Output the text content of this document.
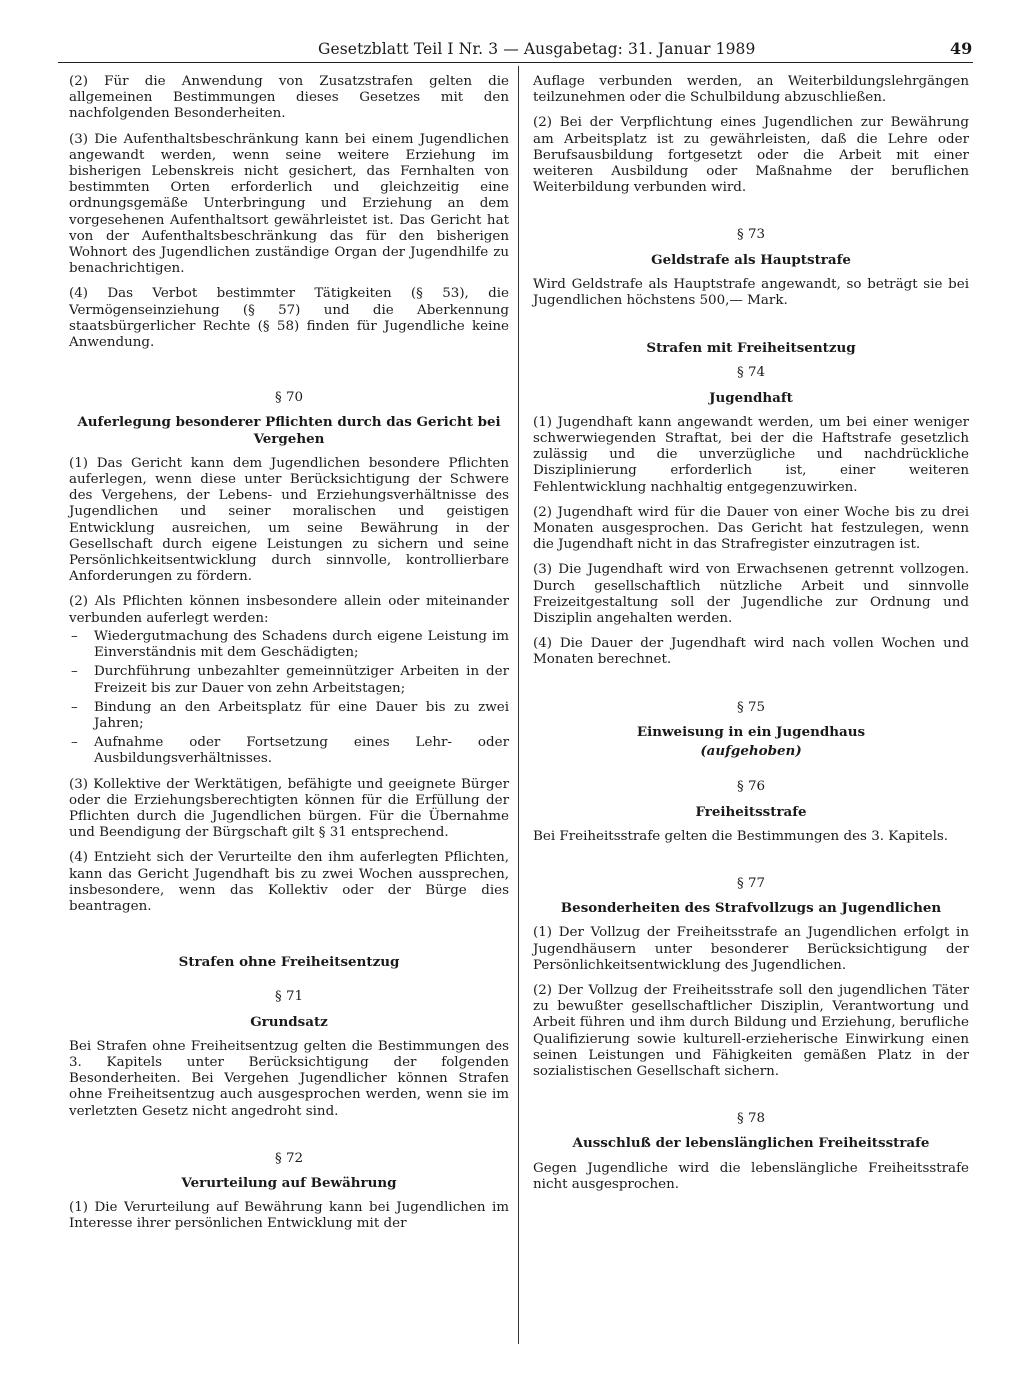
Gesetzblatt Teil I Nr. 3 — Ausgabetag: 31. Januar 1989	49

(2) Für die Anwendung von Zusatzstrafen gelten die allgemeinen Bestimmungen dieses Gesetzes mit den nachfolgenden Besonderheiten.

(3) Die Aufenthaltsbeschränkung kann bei einem Jugendlichen angewandt werden, wenn seine weitere Erziehung im bisherigen Lebenskreis nicht gesichert, das Fernhalten von bestimmten Orten erforderlich und gleichzeitig eine ordnungsgemäße Unterbringung und Erziehung an dem vorgesehenen Aufenthaltsort gewährleistet ist. Das Gericht hat von der Aufenthaltsbeschränkung das für den bisherigen Wohnort des Jugendlichen zuständige Organ der Jugendhilfe zu benachrichtigen.

(4) Das Verbot bestimmter Tätigkeiten (§ 53), die Vermögenseinziehung (§ 57) und die Aberkennung staatsbürgerlicher Rechte (§ 58) finden für Jugendliche keine Anwendung.

§ 70
Auferlegung besonderer Pflichten durch das Gericht bei Vergehen

(1) Das Gericht kann dem Jugendlichen besondere Pflichten auferlegen, wenn diese unter Berücksichtigung der Schwere des Vergehens, der Lebens- und Erziehungsverhältnisse des Jugendlichen und seiner moralischen und geistigen Entwicklung ausreichen, um seine Bewährung in der Gesellschaft durch eigene Leistungen zu sichern und seine Persönlichkeitsentwicklung durch sinnvolle, kontrollierbare Anforderungen zu fördern.

(2) Als Pflichten können insbesondere allein oder miteinander verbunden auferlegt werden:

– Wiedergutmachung des Schadens durch eigene Leistung im Einverständnis mit dem Geschädigten;
– Durchführung unbezahlter gemeinnütziger Arbeiten in der Freizeit bis zur Dauer von zehn Arbeitstagen;
– Bindung an den Arbeitsplatz für eine Dauer bis zu zwei Jahren;
– Aufnahme oder Fortsetzung eines Lehr- oder Ausbildungsverhältnisses.

(3) Kollektive der Werktätigen, befähigte und geeignete Bürger oder die Erziehungsberechtigten können für die Erfüllung der Pflichten durch die Jugendlichen bürgen. Für die Übernahme und Beendigung der Bürgschaft gilt § 31 entsprechend.

(4) Entzieht sich der Verurteilte den ihm auferlegten Pflichten, kann das Gericht Jugendhaft bis zu zwei Wochen aussprechen, insbesondere, wenn das Kollektiv oder der Bürge dies beantragen.

Strafen ohne Freiheitsentzug
§ 71
Grundsatz

Bei Strafen ohne Freiheitsentzug gelten die Bestimmungen des 3. Kapitels unter Berücksichtigung der folgenden Besonderheiten. Bei Vergehen Jugendlicher können Strafen ohne Freiheitsentzug auch ausgesprochen werden, wenn sie im verletzten Gesetz nicht angedroht sind.

§ 72
Verurteilung auf Bewährung

(1) Die Verurteilung auf Bewährung kann bei Jugendlichen im Interesse ihrer persönlichen Entwicklung mit der

Auflage verbunden werden, an Weiterbildungslehrgängen teilzunehmen oder die Schulbildung abzuschließen.

(2) Bei der Verpflichtung eines Jugendlichen zur Bewährung am Arbeitsplatz ist zu gewährleisten, daß die Lehre oder Berufsausbildung fortgesetzt oder die Arbeit mit einer weiteren Ausbildung oder Maßnahme der beruflichen Weiterbildung verbunden wird.

§ 73
Geldstrafe als Hauptstrafe

Wird Geldstrafe als Hauptstrafe angewandt, so beträgt sie bei Jugendlichen höchstens 500,— Mark.

Strafen mit Freiheitsentzug
§ 74
Jugendhaft

(1) Jugendhaft kann angewandt werden, um bei einer weniger schwerwiegenden Straftat, bei der die Haftstrafe gesetzlich zulässig und die unverzügliche und nachdrückliche Disziplinierung erforderlich ist, einer weiteren Fehlentwicklung nachhaltig entgegenzuwirken.

(2) Jugendhaft wird für die Dauer von einer Woche bis zu drei Monaten ausgesprochen. Das Gericht hat festzulegen, wenn die Jugendhaft nicht in das Strafregister einzutragen ist.

(3) Die Jugendhaft wird von Erwachsenen getrennt vollzogen. Durch gesellschaftlich nützliche Arbeit und sinnvolle Freizeitgestaltung soll der Jugendliche zur Ordnung und Disziplin angehalten werden.

(4) Die Dauer der Jugendhaft wird nach vollen Wochen und Monaten berechnet.

§ 75
Einweisung in ein Jugendhaus
(aufgehoben)
§ 76
Freiheitsstrafe

Bei Freiheitsstrafe gelten die Bestimmungen des 3. Kapitels.

§ 77
Besonderheiten des Strafvollzugs an Jugendlichen

(1) Der Vollzug der Freiheitsstrafe an Jugendlichen erfolgt in Jugendhäusern unter besonderer Berücksichtigung der Persönlichkeitsentwicklung des Jugendlichen.

(2) Der Vollzug der Freiheitsstrafe soll den jugendlichen Täter zu bewußter gesellschaftlicher Disziplin, Verantwortung und Arbeit führen und ihm durch Bildung und Erziehung, berufliche Qualifizierung sowie kulturell-erzieherische Einwirkung einen seinen Leistungen und Fähigkeiten gemäßen Platz in der sozialistischen Gesellschaft sichern.

§ 78
Ausschluß der lebenslänglichen Freiheitsstrafe

Gegen Jugendliche wird die lebenslängliche Freiheitsstrafe nicht ausgesprochen.
